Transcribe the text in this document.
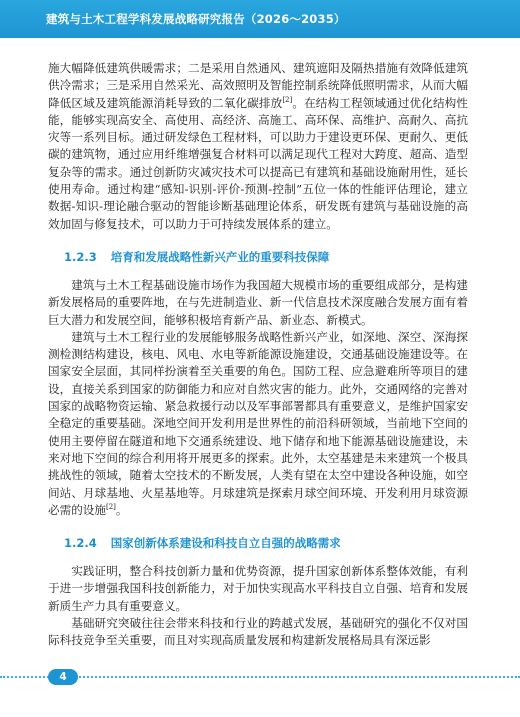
建筑与土木工程学科发展战略研究报告（2026～2035）

施大幅降低建筑供暖需求；二是采用自然通风、建筑遮阳及隔热措施有效降低建筑供冷需求；三是采用自然采光、高效照明及智能控制系统降低照明需求，从而大幅降低区域及建筑能源消耗导致的二氧化碳排放[2]。在结构工程领域通过优化结构性能，能够实现高安全、高使用、高经济、高施工、高环保、高维护、高耐久、高抗灾等一系列目标。通过研发绿色工程材料，可以助力于建设更环保、更耐久、更低碳的建筑物，通过应用纤维增强复合材料可以满足现代工程对大跨度、超高、造型复杂等的需求。通过创新防灾减灾技术可以提高已有建筑和基础设施耐用性，延长使用寿命。通过构建“感知-识别-评价-预测-控制”五位一体的性能评估理论，建立数据-知识-理论融合驱动的智能诊断基础理论体系，研发既有建筑与基础设施的高效加固与修复技术，可以助力于可持续发展体系的建立。

1.2.3 培育和发展战略性新兴产业的重要科技保障

建筑与土木工程基础设施市场作为我国超大规模市场的重要组成部分，是构建新发展格局的重要阵地，在与先进制造业、新一代信息技术深度融合发展方面有着巨大潜力和发展空间，能够积极培育新产品、新业态、新模式。

建筑与土木工程行业的发展能够服务战略性新兴产业，如深地、深空、深海探测检测结构建设，核电、风电、水电等新能源设施建设，交通基础设施建设等。在国家安全层面，其同样扮演着至关重要的角色。国防工程、应急避难所等项目的建设，直接关系到国家的防御能力和应对自然灾害的能力。此外，交通网络的完善对国家的战略物资运输、紧急救援行动以及军事部署都具有重要意义，是维护国家安全稳定的重要基础。深地空间开发利用是世界性的前沿科研领域，当前地下空间的使用主要停留在隧道和地下交通系统建设、地下储存和地下能源基础设施建设，未来对地下空间的综合利用将开展更多的探索。此外，太空基建是未来建筑一个极具挑战性的领域，随着太空技术的不断发展，人类有望在太空中建设各种设施，如空间站、月球基地、火星基地等。月球建筑是探索月球空间环境、开发利用月球资源必需的设施[2]。

1.2.4 国家创新体系建设和科技自立自强的战略需求

实践证明，整合科技创新力量和优势资源，提升国家创新体系整体效能，有利于进一步增强我国科技创新能力，对于加快实现高水平科技自立自强、培育和发展新质生产力具有重要意义。

基础研究突破往往会带来科技和行业的跨越式发展，基础研究的强化不仅对国际科技竞争至关重要，而且对实现高质量发展和构建新发展格局具有深远影

4
